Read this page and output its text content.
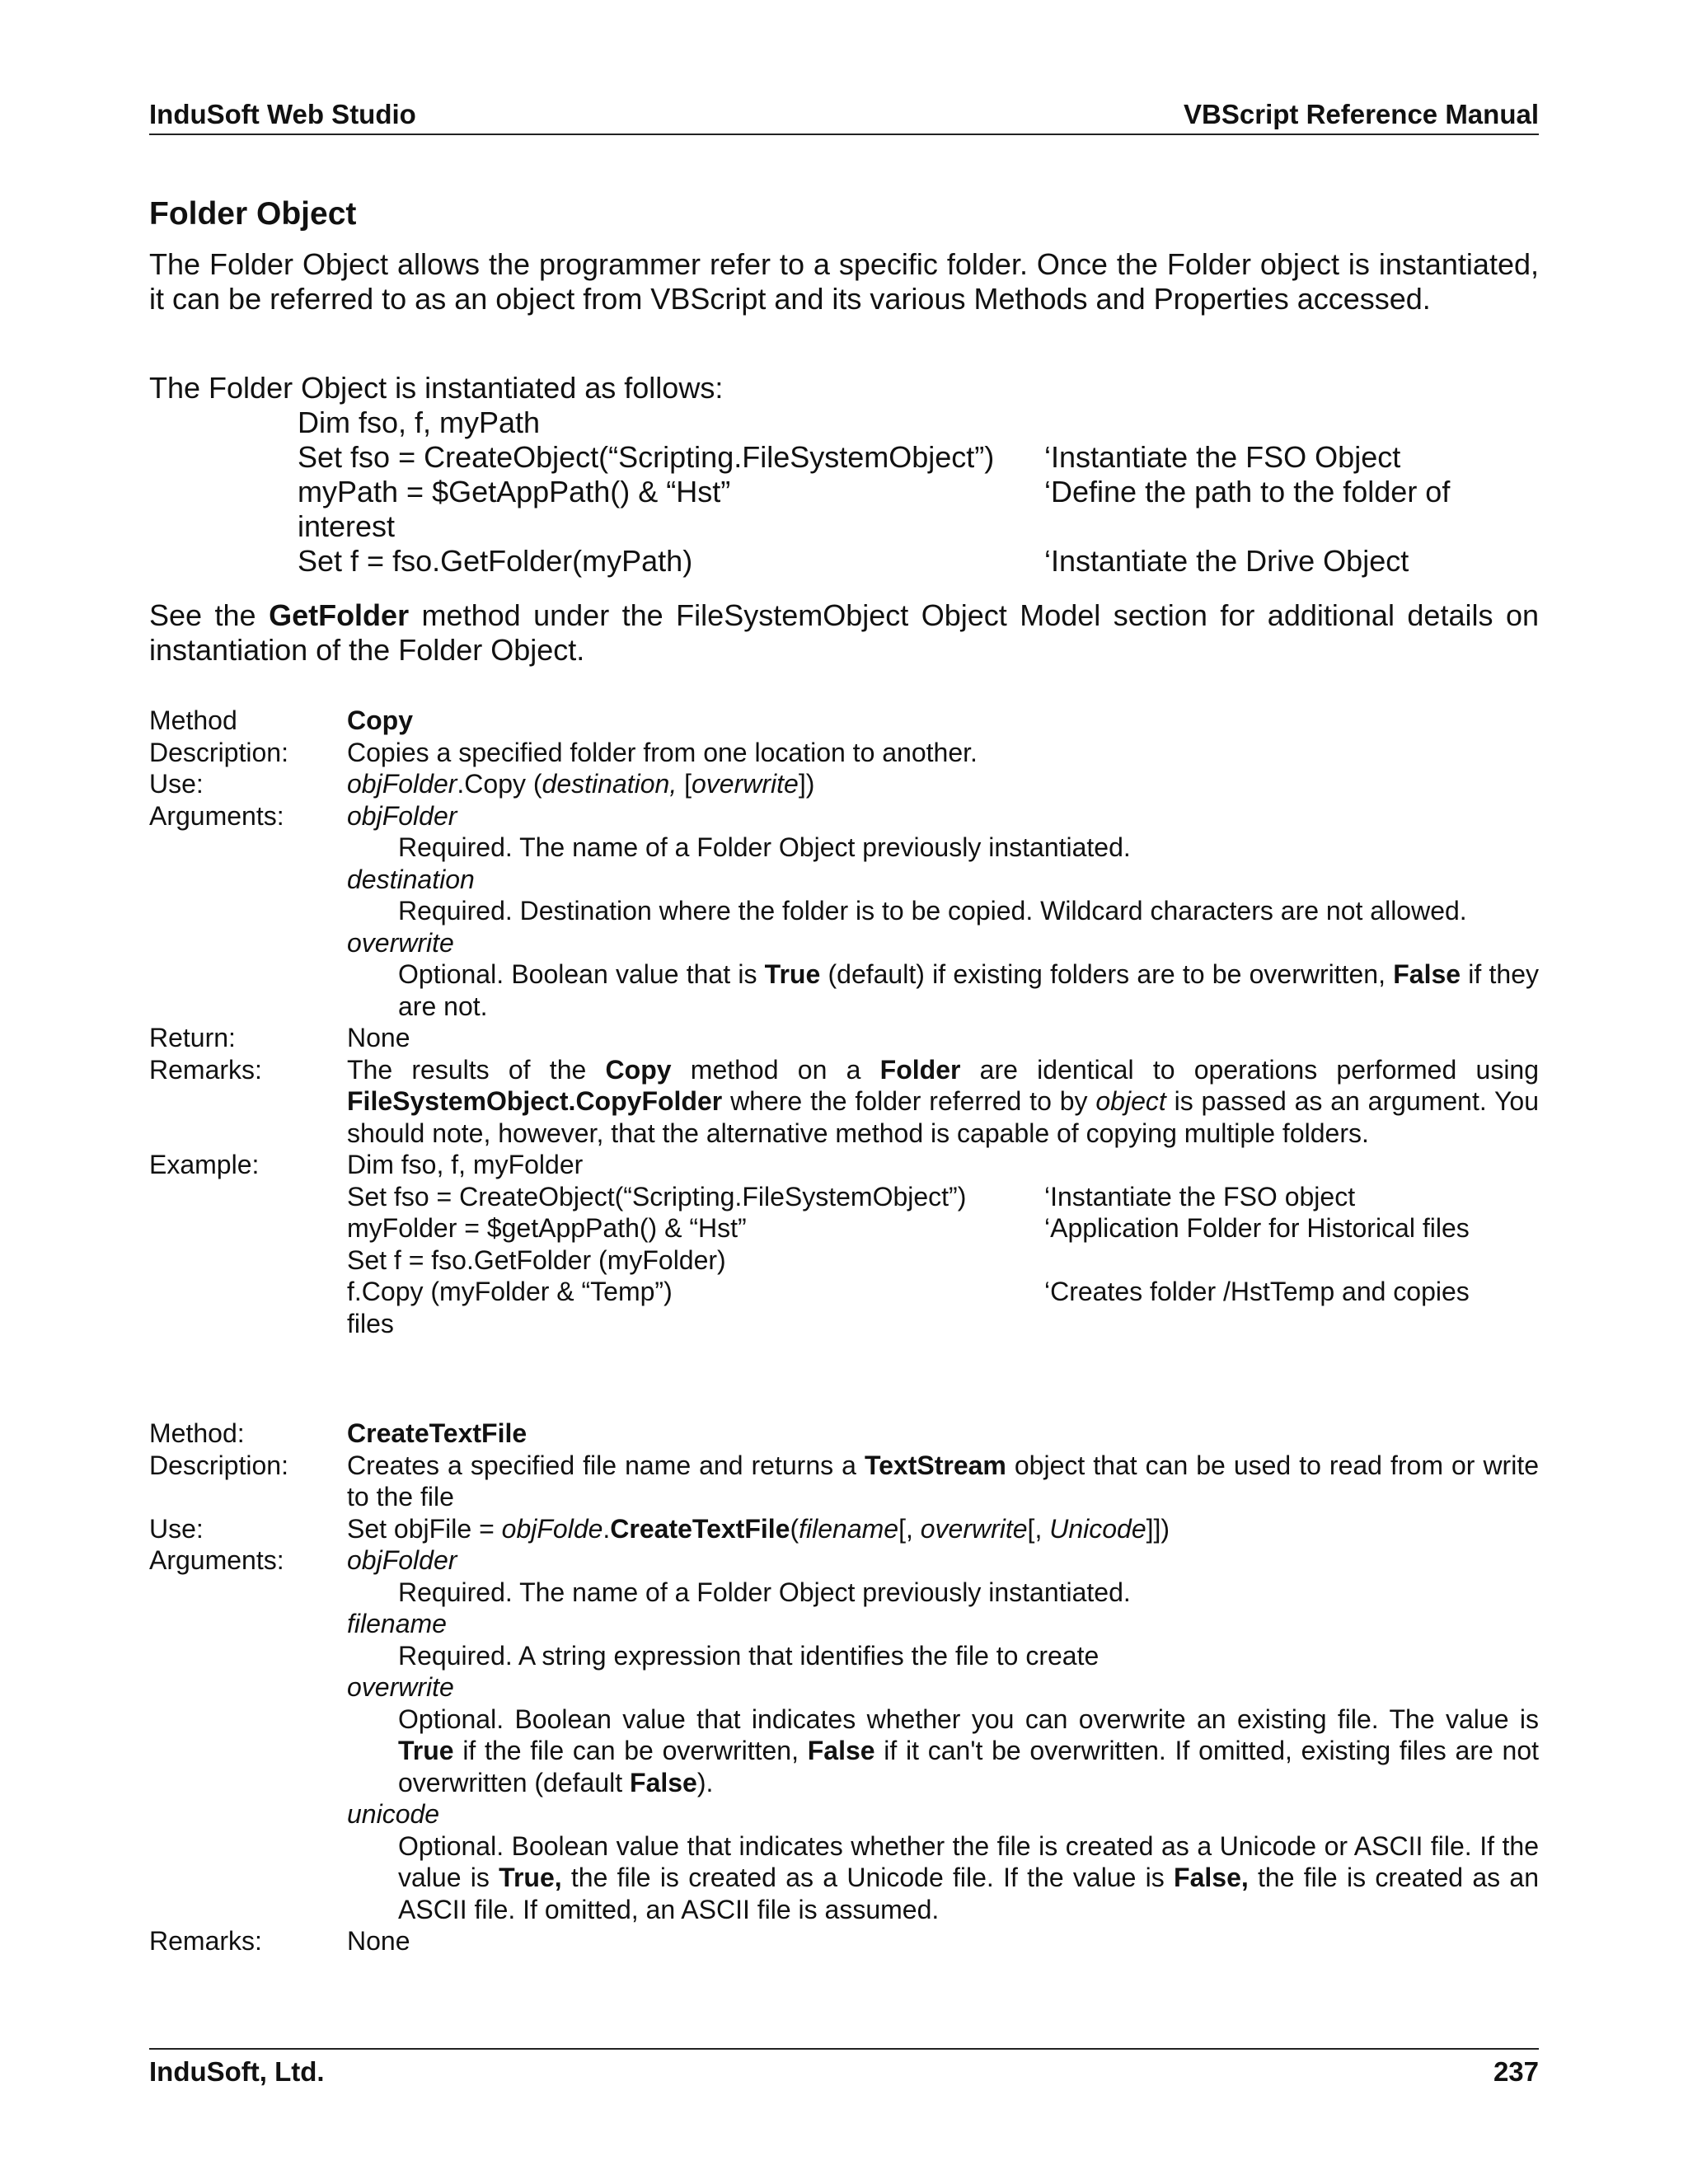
InduSoft Web Studio	VBScript Reference Manual
Folder Object
The Folder Object allows the programmer refer to a specific folder. Once the Folder object is instantiated, it can be referred to as an object from VBScript and its various Methods and Properties accessed.
The Folder Object is instantiated as follows:
Dim fso, f, myPath
Set fso = CreateObject(“Scripting.FileSystemObject”) ‘Instantiate the FSO Object
myPath = $GetAppPath() & “Hst”	‘Define the path to the folder of
interest
Set f = fso.GetFolder(myPath)	‘Instantiate the Drive Object
See the GetFolder method under the FileSystemObject Object Model section for additional details on instantiation of the Folder Object.
Method	Copy
Description: Copies a specified folder from one location to another.
Use:	objFolder.Copy (destination, [overwrite])
Arguments: objFolder
Required. The name of a Folder Object previously instantiated.
destination
Required. Destination where the folder is to be copied. Wildcard characters are not allowed.
overwrite
Optional. Boolean value that is True (default) if existing folders are to be overwritten, False if they are not.
Return:	None
Remarks:	The results of the Copy method on a Folder are identical to operations performed using FileSystemObject.CopyFolder where the folder referred to by object is passed as an argument. You should note, however, that the alternative method is capable of copying multiple folders.
Example:	Dim fso, f, myFolder
Set fso = CreateObject(“Scripting.FileSystemObject”)	‘Instantiate the FSO object
myFolder = $getAppPath() & “Hst”	‘Application Folder for Historical files
Set f = fso.GetFolder (myFolder)
f.Copy (myFolder & “Temp”)	‘Creates folder /HstTemp and copies
files
Method:	CreateTextFile
Description: Creates a specified file name and returns a TextStream object that can be used to read from or write to the file
Use:	Set objFile = objFolde.CreateTextFile(filename[, overwrite[, Unicode]])
Arguments: objFolder
Required. The name of a Folder Object previously instantiated.
filename
Required. A string expression that identifies the file to create
overwrite
Optional. Boolean value that indicates whether you can overwrite an existing file. The value is True if the file can be overwritten, False if it can't be overwritten. If omitted, existing files are not overwritten (default False).
unicode
Optional. Boolean value that indicates whether the file is created as a Unicode or ASCII file. If the value is True, the file is created as a Unicode file. If the value is False, the file is created as an ASCII file. If omitted, an ASCII file is assumed.
Remarks:	None
InduSoft, Ltd.	237
